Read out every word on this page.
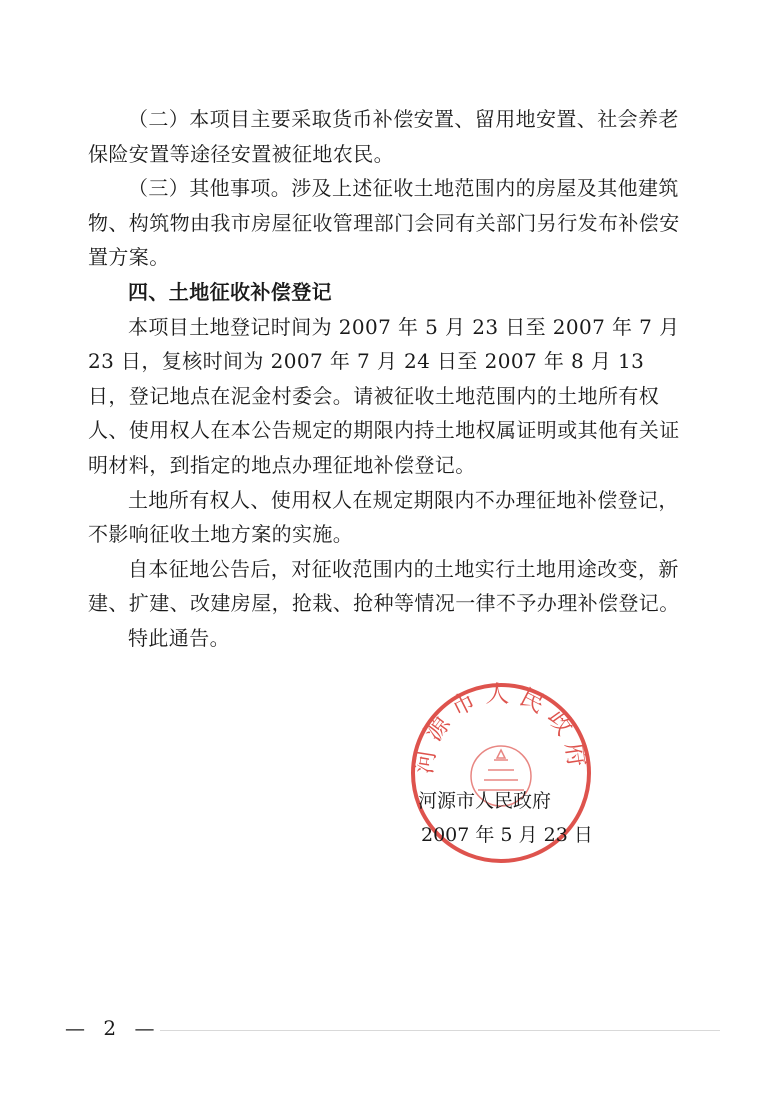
（二）本项目主要采取货币补偿安置、留用地安置、社会养老保险安置等途径安置被征地农民。

（三）其他事项。涉及上述征收土地范围内的房屋及其他建筑物、构筑物由我市房屋征收管理部门会同有关部门另行发布补偿安置方案。

四、土地征收补偿登记

本项目土地登记时间为 2007 年 5 月 23 日至 2007 年 7 月 23 日，复核时间为 2007 年 7 月 24 日至 2007 年 8 月 13 日，登记地点在泥金村委会。请被征收土地范围内的土地所有权人、使用权人在本公告规定的期限内持土地权属证明或其他有关证明材料，到指定的地点办理征地补偿登记。

土地所有权人、使用权人在规定期限内不办理征地补偿登记，不影响征收土地方案的实施。

自本征地公告后，对征收范围内的土地实行土地用途改变，新建、扩建、改建房屋，抢栽、抢种等情况一律不予办理补偿登记。

特此通告。

河源市人民政府
河源市人民政府
2007 年 5 月 23 日
— 2 —
